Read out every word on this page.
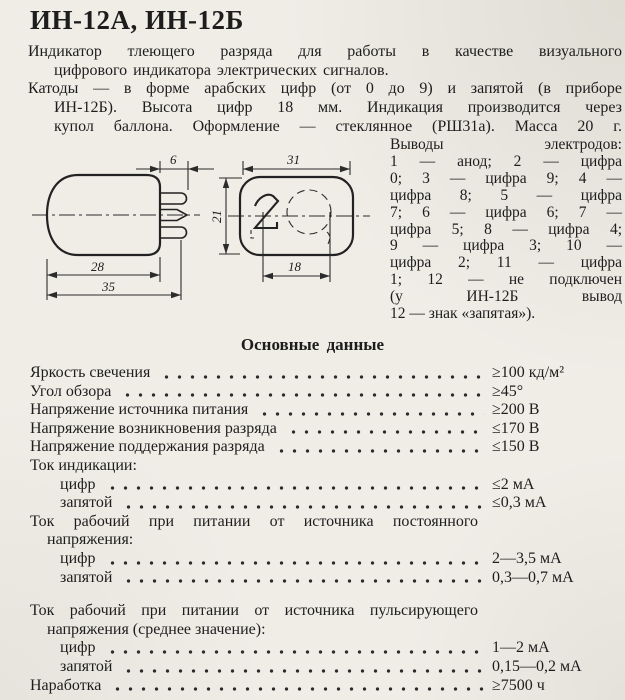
ИН-12А, ИН-12Б
Индикатор тлеющего разряда для работы в качестве визуального
цифрового индикатора электрических сигналов.
Катоды — в форме арабских цифр (от 0 до 9) и запятой (в приборе
ИН-12Б). Высота цифр 18 мм. Индикация производится через
купол баллона. Оформление — стеклянное (РШ31а). Масса 20 г.
6
28
35
31
21
18
Выводы электродов:
1 — анод; 2 — цифра
0; 3 — цифра 9; 4 —
цифра 8; 5 — цифра
7; 6 — цифра 6; 7 —
цифра 5; 8 — цифра 4;
9 — цифра 3; 10 —
цифра 2; 11 — цифра
1; 12 — не подключен
(у ИН-12Б вывод
12 — знак «запятая»).
Основные данные
Яркость свечения	≥100 кд/м²
Угол обзора	≥45°
Напряжение источника питания	≥200 В
Напряжение возникновения разряда	≤170 В
Напряжение поддержания разряда	≤150 В
Ток индикации:
цифр	≤2 мА
запятой	≤0,3 мА
Ток рабочий при питании от источника постоянного
напряжения:
цифр	2—3,5 мА
запятой	0,3—0,7 мА
Ток рабочий при питании от источника пульсирующего
напряжения (среднее значение):
цифр	1—2 мА
запятой	0,15—0,2 мА
Наработка	≥7500 ч
